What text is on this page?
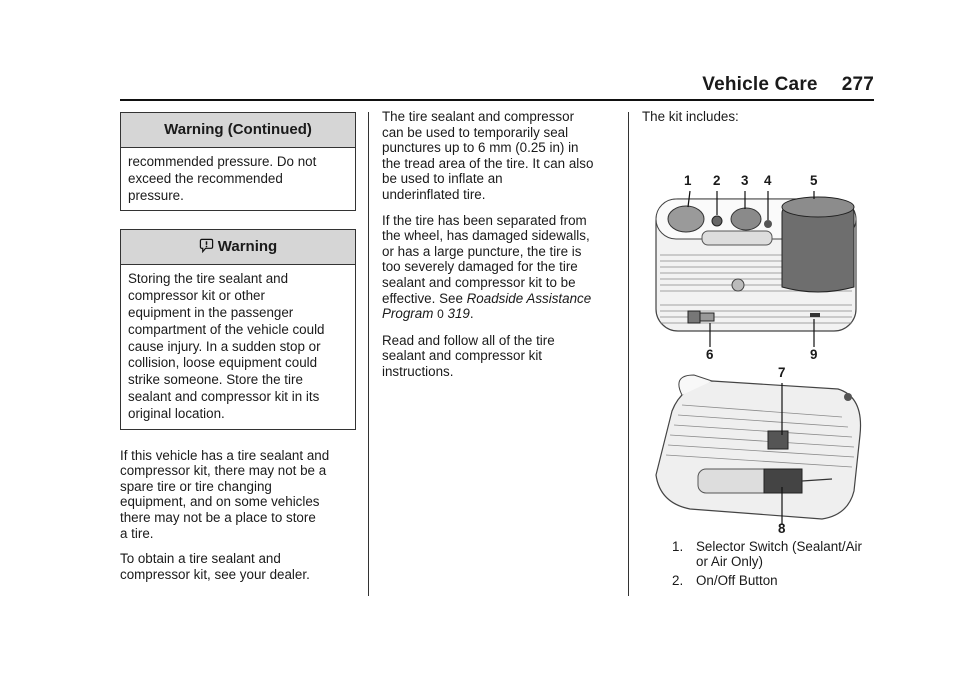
Vehicle Care 277
Warning (Continued)
recommended pressure. Do not
exceed the recommended
pressure.
Warning
Storing the tire sealant and
compressor kit or other
equipment in the passenger
compartment of the vehicle could
cause injury. In a sudden stop or
collision, loose equipment could
strike someone. Store the tire
sealant and compressor kit in its
original location.

If this vehicle has a tire sealant and
compressor kit, there may not be a
spare tire or tire changing
equipment, and on some vehicles
there may not be a place to store
a tire.

To obtain a tire sealant and
compressor kit, see your dealer.

The tire sealant and compressor
can be used to temporarily seal
punctures up to 6 mm (0.25 in) in
the tread area of the tire. It can also
be used to inflate an
underinflated tire.

If the tire has been separated from
the wheel, has damaged sidewalls,
or has a large puncture, the tire is
too severely damaged for the tire
sealant and compressor kit to be
effective. See Roadside Assistance
Program 0 319.

Read and follow all of the tire
sealant and compressor kit
instructions.

The kit includes:

1 2 3 4	5
6	9
7
8
1. Selector Switch (Sealant/Air
or Air Only)
2. On/Off Button
